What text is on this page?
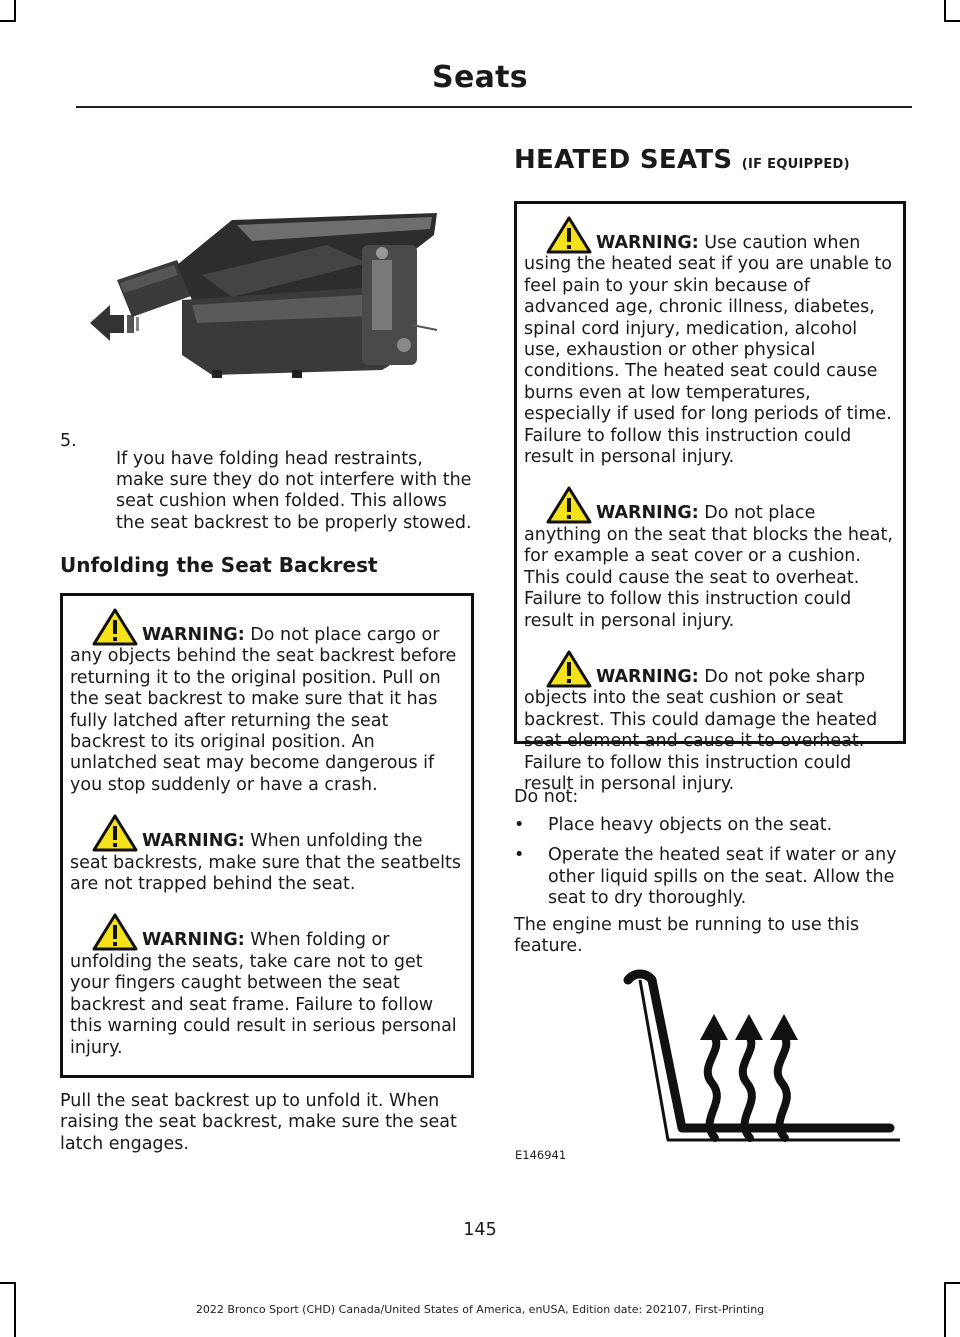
Seats
5.

If you have folding head restraints, make sure they do not interfere with the seat cushion when folded. This allows the seat backrest to be properly stowed.

Unfolding the Seat Backrest

WARNING: Do not place cargo or any objects behind the seat backrest before returning it to the original position. Pull on the seat backrest to make sure that it has fully latched after returning the seat backrest to its original position. An unlatched seat may become dangerous if you stop suddenly or have a crash.

WARNING: When unfolding the seat backrests, make sure that the seatbelts are not trapped behind the seat.

WARNING: When folding or unfolding the seats, take care not to get your fingers caught between the seat backrest and seat frame. Failure to follow this warning could result in serious personal injury.

Pull the seat backrest up to unfold it. When raising the seat backrest, make sure the seat latch engages.

HEATED SEATS (IF EQUIPPED)

WARNING: Use caution when using the heated seat if you are unable to feel pain to your skin because of advanced age, chronic illness, diabetes, spinal cord injury, medication, alcohol use, exhaustion or other physical conditions. The heated seat could cause burns even at low temperatures, especially if used for long periods of time. Failure to follow this instruction could result in personal injury.

WARNING: Do not place anything on the seat that blocks the heat, for example a seat cover or a cushion. This could cause the seat to overheat. Failure to follow this instruction could result in personal injury.

WARNING: Do not poke sharp objects into the seat cushion or seat backrest. This could damage the heated seat element and cause it to overheat. Failure to follow this instruction could result in personal injury.

Do not:

• Place heavy objects on the seat.
• Operate the heated seat if water or any other liquid spills on the seat. Allow the seat to dry thoroughly.

The engine must be running to use this feature.

E146941
145
2022 Bronco Sport (CHD) Canada/United States of America, enUSA, Edition date: 202107, First-Printing
